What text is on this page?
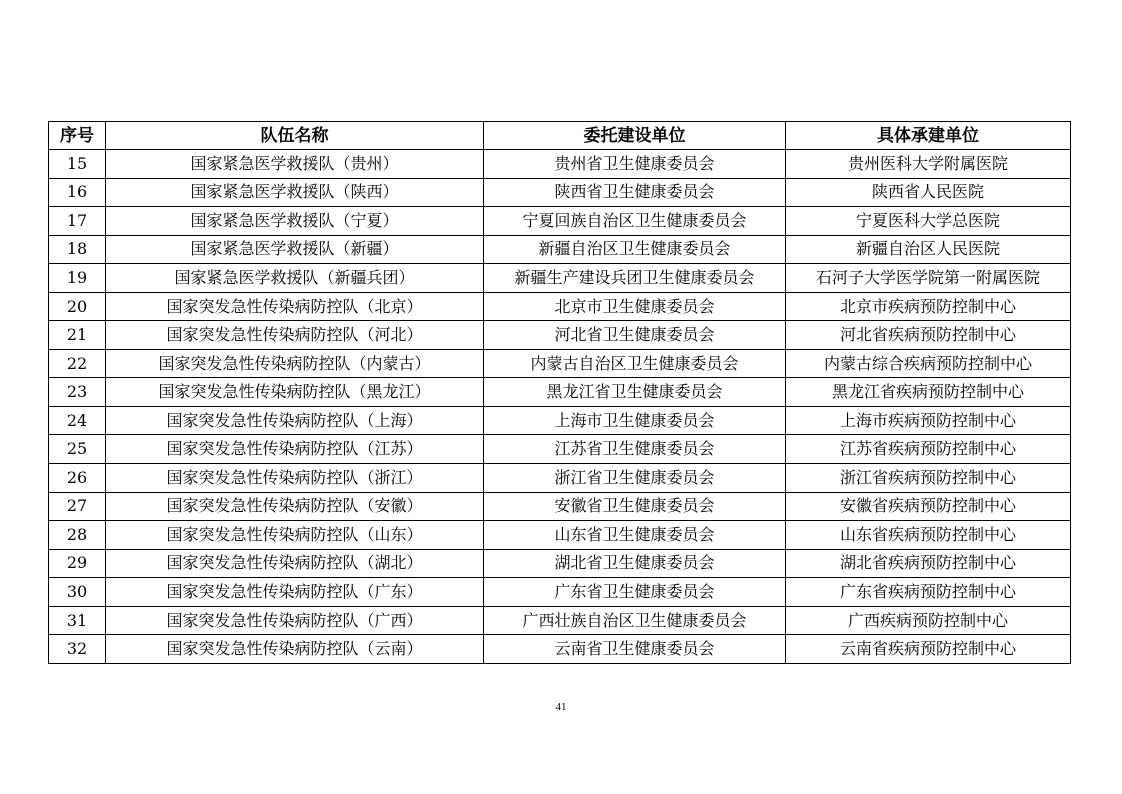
序号	队伍名称	委托建设单位	具体承建单位
15	国家紧急医学救援队（贵州）	贵州省卫生健康委员会	贵州医科大学附属医院
16	国家紧急医学救援队（陕西）	陕西省卫生健康委员会	陕西省人民医院
17	国家紧急医学救援队（宁夏）	宁夏回族自治区卫生健康委员会	宁夏医科大学总医院
18	国家紧急医学救援队（新疆）	新疆自治区卫生健康委员会	新疆自治区人民医院
19	国家紧急医学救援队（新疆兵团）	新疆生产建设兵团卫生健康委员会	石河子大学医学院第一附属医院
20	国家突发急性传染病防控队（北京）	北京市卫生健康委员会	北京市疾病预防控制中心
21	国家突发急性传染病防控队（河北）	河北省卫生健康委员会	河北省疾病预防控制中心
22	国家突发急性传染病防控队（内蒙古）	内蒙古自治区卫生健康委员会	内蒙古综合疾病预防控制中心
23	国家突发急性传染病防控队（黑龙江）	黑龙江省卫生健康委员会	黑龙江省疾病预防控制中心
24	国家突发急性传染病防控队（上海）	上海市卫生健康委员会	上海市疾病预防控制中心
25	国家突发急性传染病防控队（江苏）	江苏省卫生健康委员会	江苏省疾病预防控制中心
26	国家突发急性传染病防控队（浙江）	浙江省卫生健康委员会	浙江省疾病预防控制中心
27	国家突发急性传染病防控队（安徽）	安徽省卫生健康委员会	安徽省疾病预防控制中心
28	国家突发急性传染病防控队（山东）	山东省卫生健康委员会	山东省疾病预防控制中心
29	国家突发急性传染病防控队（湖北）	湖北省卫生健康委员会	湖北省疾病预防控制中心
30	国家突发急性传染病防控队（广东）	广东省卫生健康委员会	广东省疾病预防控制中心
31	国家突发急性传染病防控队（广西）	广西壮族自治区卫生健康委员会	广西疾病预防控制中心
32	国家突发急性传染病防控队（云南）	云南省卫生健康委员会	云南省疾病预防控制中心
41
